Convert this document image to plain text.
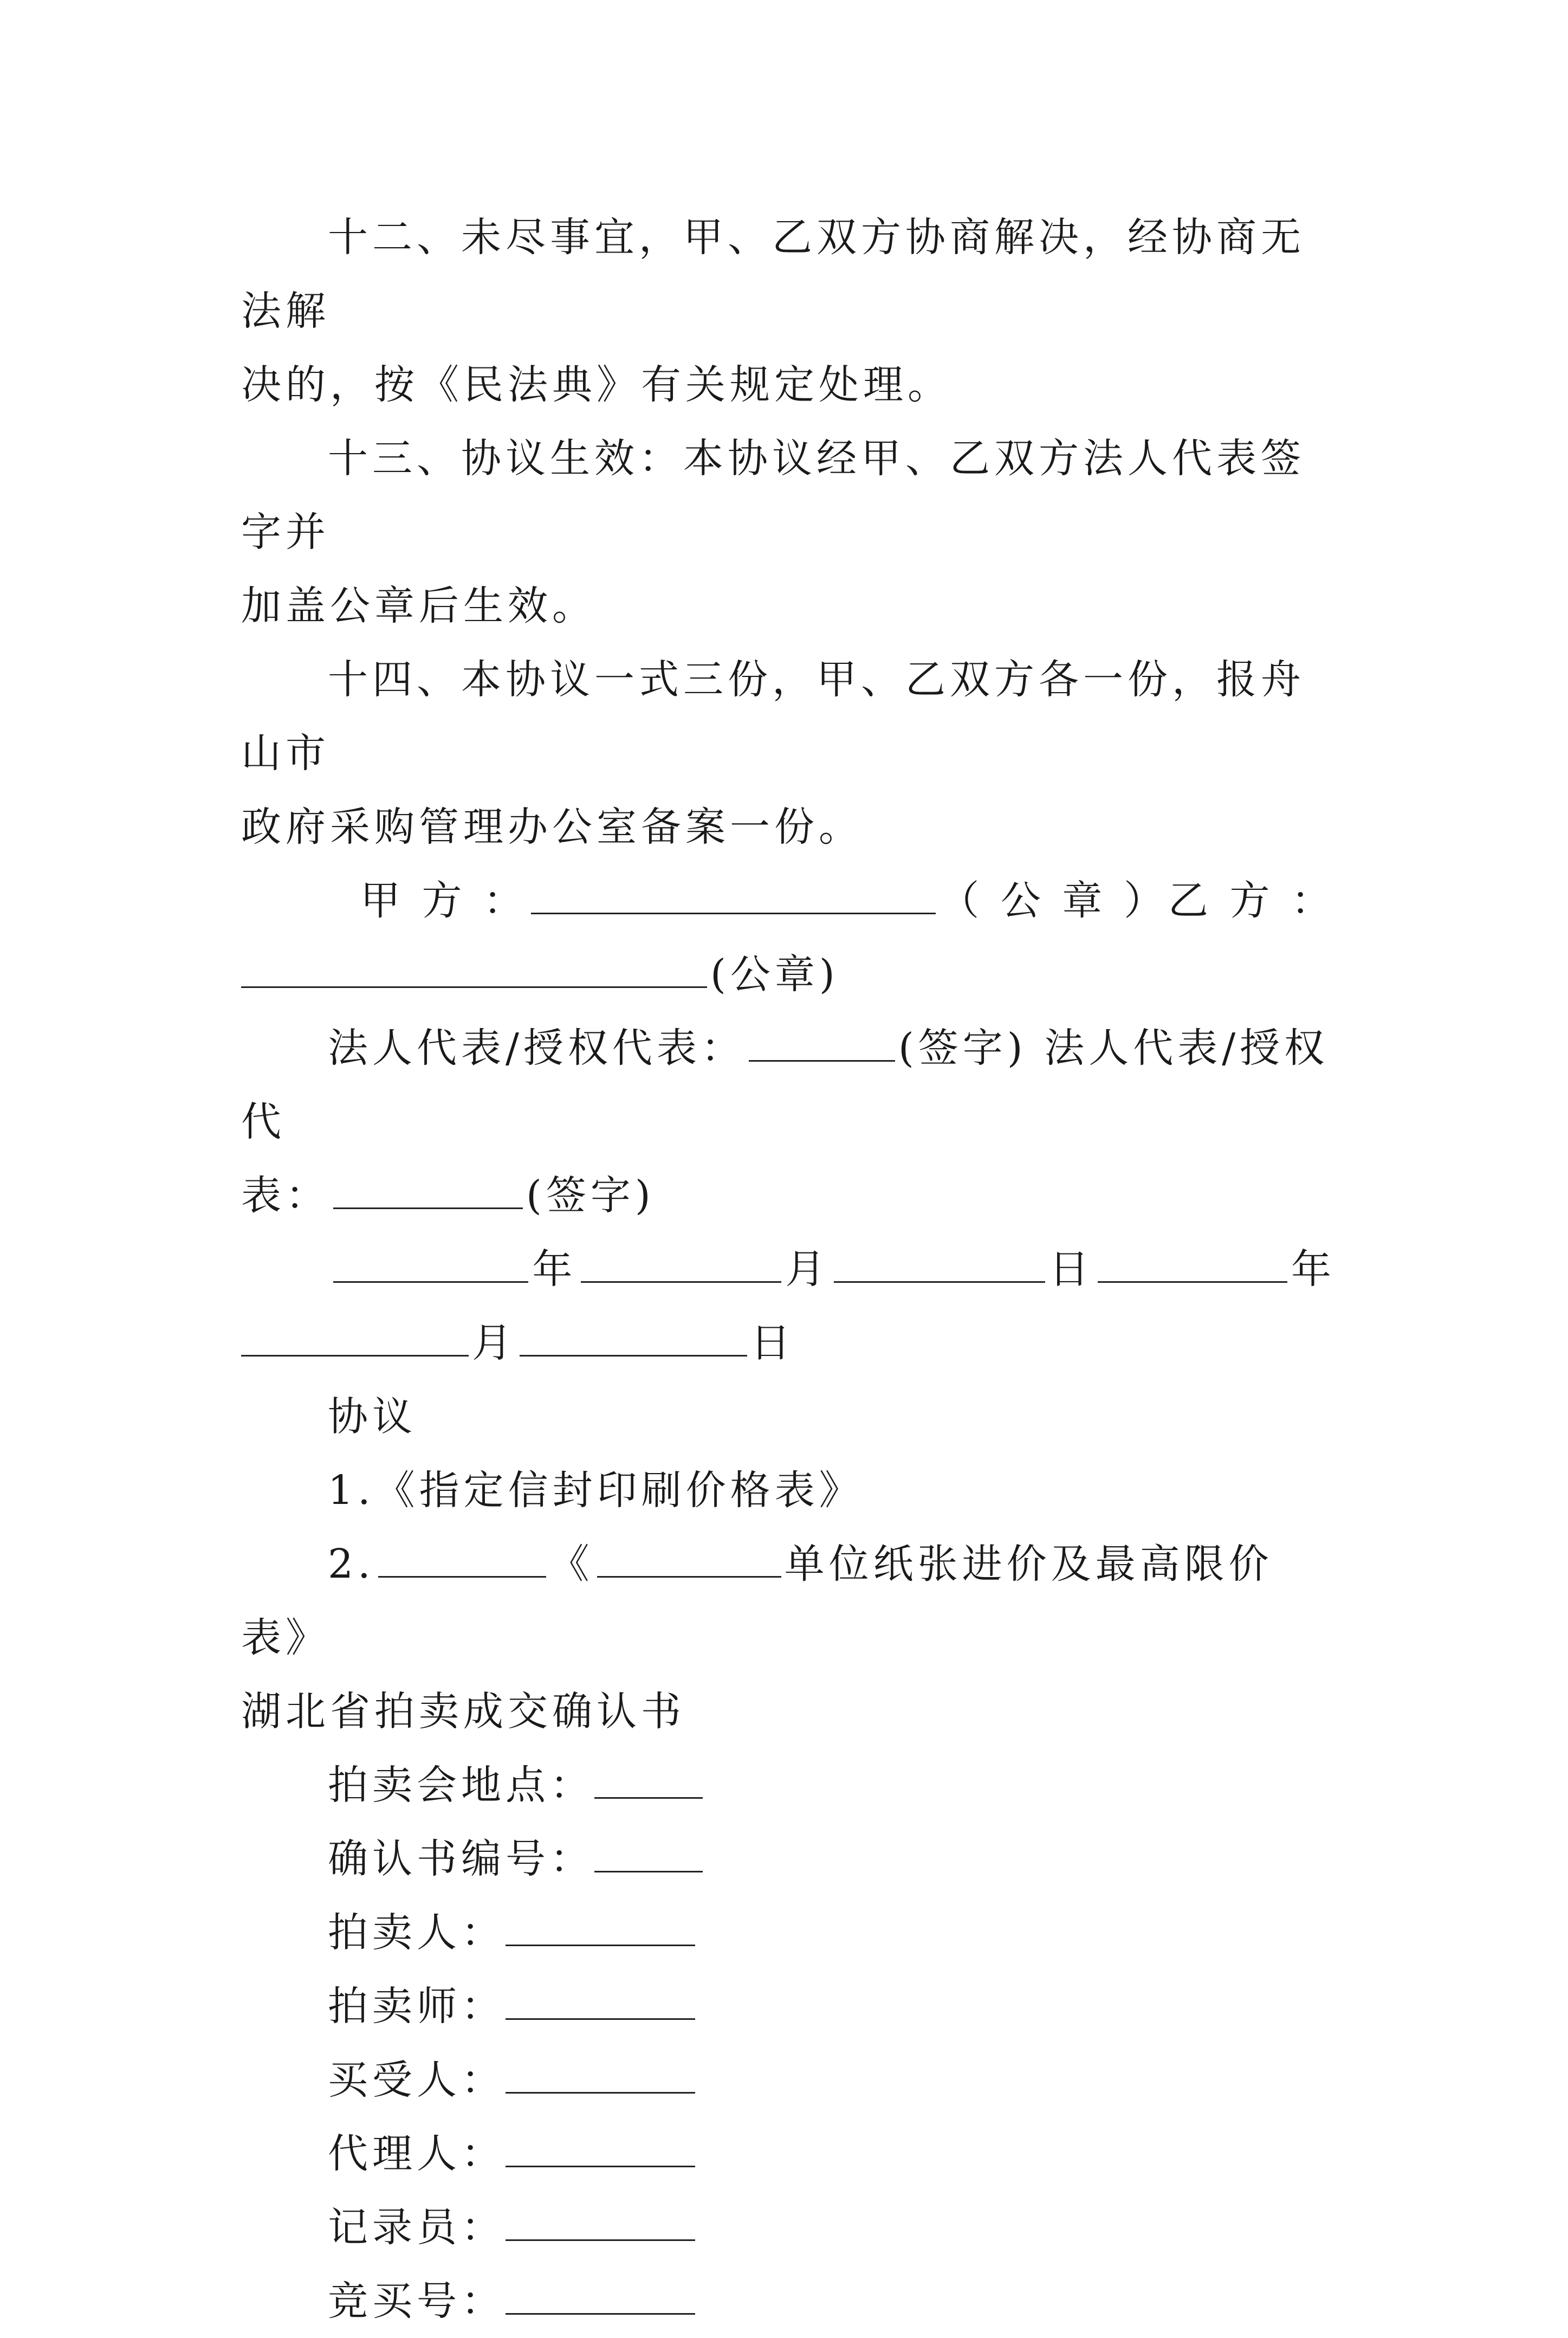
十二、未尽事宜，甲、乙双方协商解决，经协商无法解

决的，按《民法典》有关规定处理。

十三、协议生效：本协议经甲、乙双方法人代表签字并

加盖公章后生效。

十四、本协议一式三份，甲、乙双方各一份，报舟山市

政府采购管理办公室备案一份。

甲 方 ：	（ 公 章 ） 乙 方 ：

(公章)

法人代表/授权代表：	(签字) 法人代表/授权代

表：	(签字)

年	月	日	年

月	日

协议

1.《指定信封印刷价格表》

2.	《	单位纸张进价及最高限价表》

湖北省拍卖成交确认书

拍卖会地点：

确认书编号：

拍卖人：

拍卖师：

买受人：

代理人：

记录员：

竞买号：
